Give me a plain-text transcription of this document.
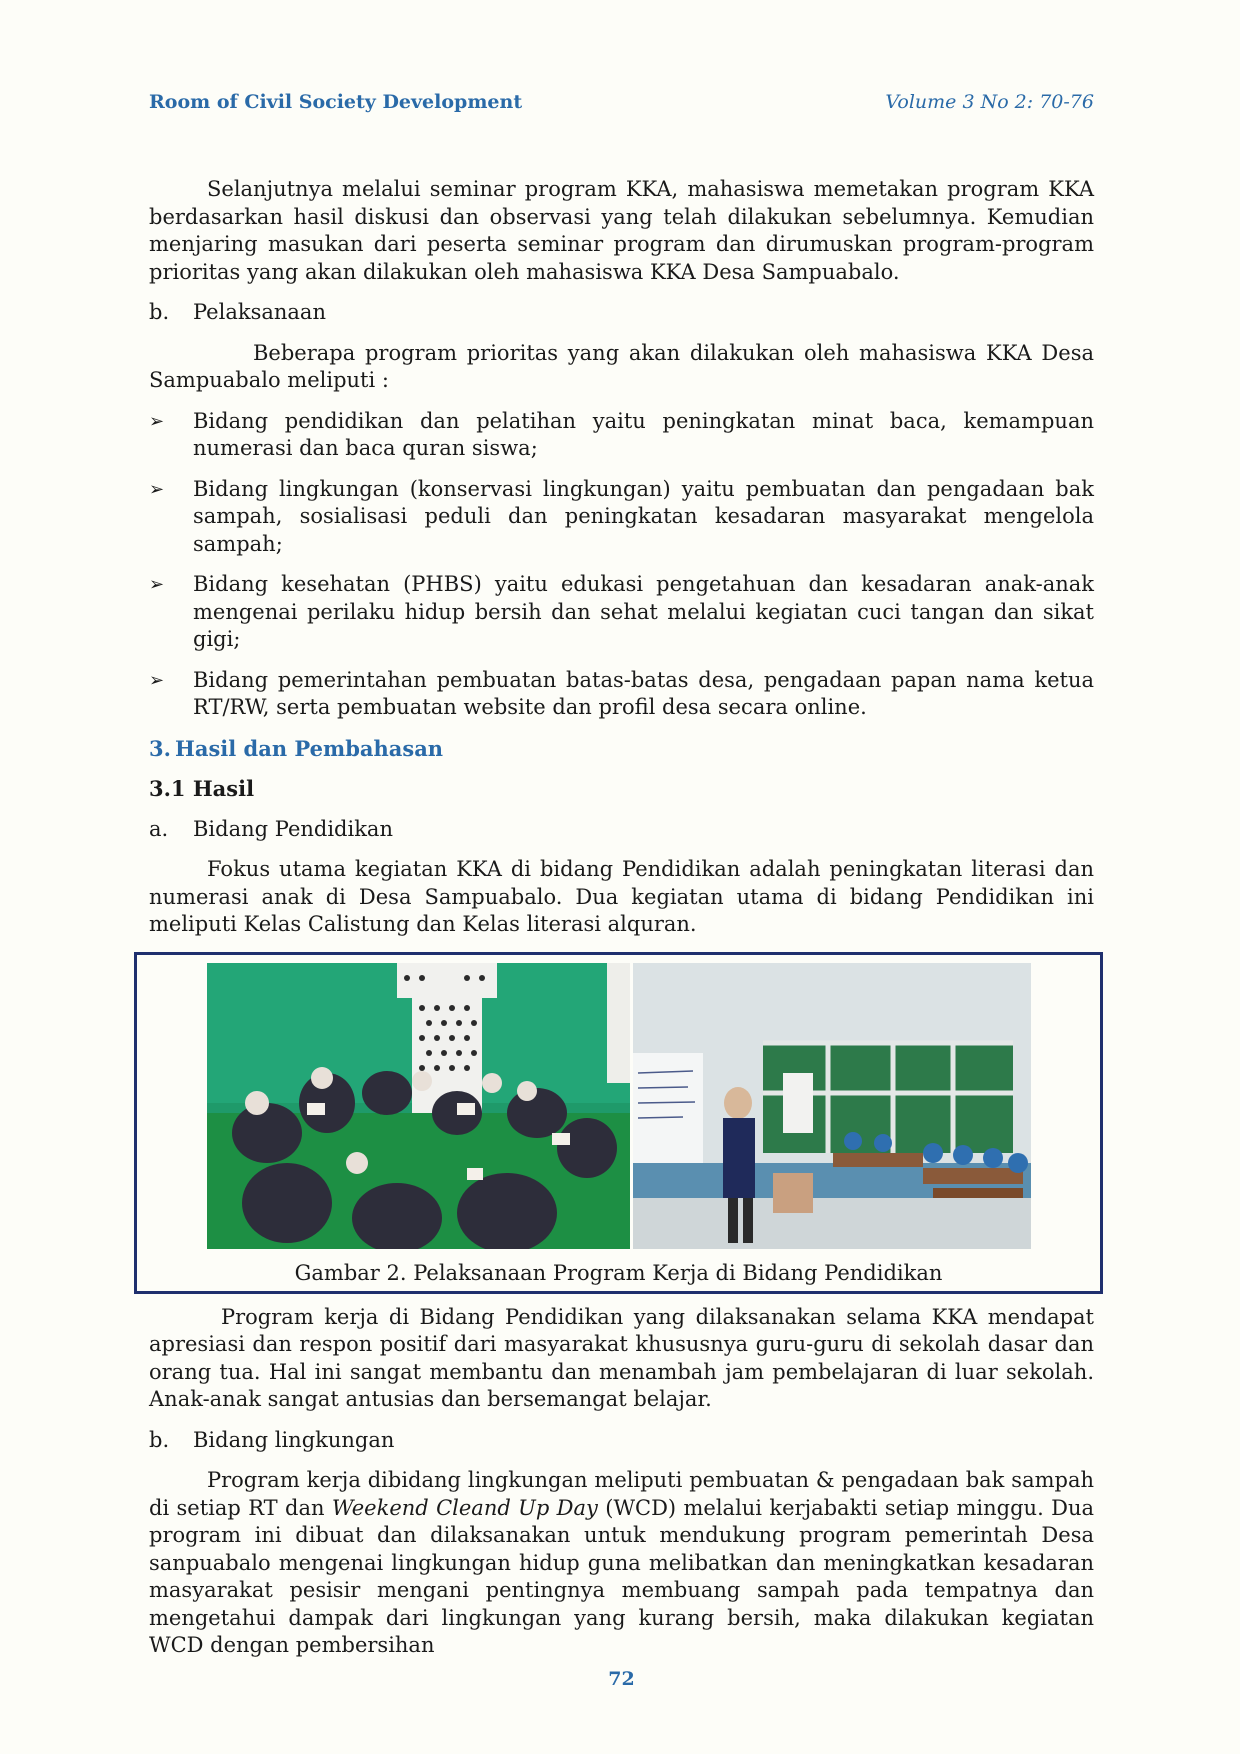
Room of Civil Society Development	Volume 3 No 2: 70-76

Selanjutnya melalui seminar program KKA, mahasiswa memetakan program KKA berdasarkan hasil diskusi dan observasi yang telah dilakukan sebelumnya. Kemudian menjaring masukan dari peserta seminar program dan dirumuskan program-program prioritas yang akan dilakukan oleh mahasiswa KKA Desa Sampuabalo.

b.	Pelaksanaan

Beberapa program prioritas yang akan dilakukan oleh mahasiswa KKA Desa Sampuabalo meliputi :

➢	Bidang pendidikan dan pelatihan yaitu peningkatan minat baca, kemampuan numerasi dan baca quran siswa;
➢	Bidang lingkungan (konservasi lingkungan) yaitu pembuatan dan pengadaan bak sampah, sosialisasi peduli dan peningkatan kesadaran masyarakat mengelola sampah;
➢	Bidang kesehatan (PHBS) yaitu edukasi pengetahuan dan kesadaran anak-anak mengenai perilaku hidup bersih dan sehat melalui kegiatan cuci tangan dan sikat gigi;
➢	Bidang pemerintahan pembuatan batas-batas desa, pengadaan papan nama ketua RT/RW, serta pembuatan website dan profil desa secara online.
3. Hasil dan Pembahasan
3.1 Hasil
a.	Bidang Pendidikan

Fokus utama kegiatan KKA di bidang Pendidikan adalah peningkatan literasi dan numerasi anak di Desa Sampuabalo. Dua kegiatan utama di bidang Pendidikan ini meliputi Kelas Calistung dan Kelas literasi alquran.

Gambar 2. Pelaksanaan Program Kerja di Bidang Pendidikan

Program kerja di Bidang Pendidikan yang dilaksanakan selama KKA mendapat apresiasi dan respon positif dari masyarakat khususnya guru-guru di sekolah dasar dan orang tua. Hal ini sangat membantu dan menambah jam pembelajaran di luar sekolah. Anak-anak sangat antusias dan bersemangat belajar.

b.	Bidang lingkungan

Program kerja dibidang lingkungan meliputi pembuatan & pengadaan bak sampah di setiap RT dan Weekend Cleand Up Day (WCD) melalui kerjabakti setiap minggu. Dua program ini dibuat dan dilaksanakan untuk mendukung program pemerintah Desa sanpuabalo mengenai lingkungan hidup guna melibatkan dan meningkatkan kesadaran masyarakat pesisir mengani pentingnya membuang sampah pada tempatnya dan mengetahui dampak dari lingkungan yang kurang bersih, maka dilakukan kegiatan WCD dengan pembersihan

72
